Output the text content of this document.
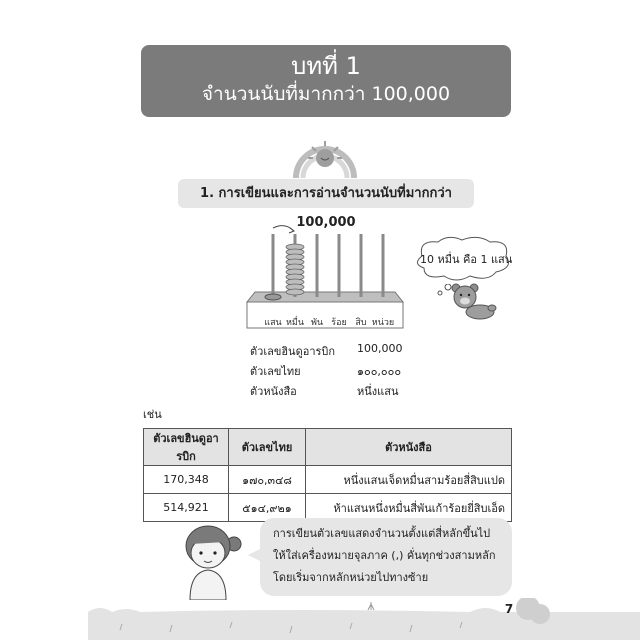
บทที่ 1
จำนวนนับที่มากกว่า 100,000
1. การเขียนและการอ่านจำนวนนับที่มากกว่า 100,000
แสน หมื่น พัน ร้อย สิบ หน่วย
10 หมื่น คือ 1 แสน
ตัวเลขฮินดูอารบิก 100,000
ตัวเลขไทย	๑๐๐,๐๐๐
ตัวหนังสือ	หนึ่งแสน
เช่น
ตัวเลขฮินดูอารบิก	ตัวเลขไทย	ตัวหนังสือ
170,348	๑๗๐,๓๔๘	หนึ่งแสนเจ็ดหมื่นสามร้อยสี่สิบแปด
514,921	๕๑๔,๙๒๑	ห้าแสนหนึ่งหมื่นสี่พันเก้าร้อยยี่สิบเอ็ด
การเขียนตัวเลขแสดงจำนวนตั้งแต่สี่หลักขึ้นไป
ให้ใส่เครื่องหมายจุลภาค (,) คั่นทุกช่วงสามหลัก
โดยเริ่มจากหลักหน่วยไปทางซ้าย
7
